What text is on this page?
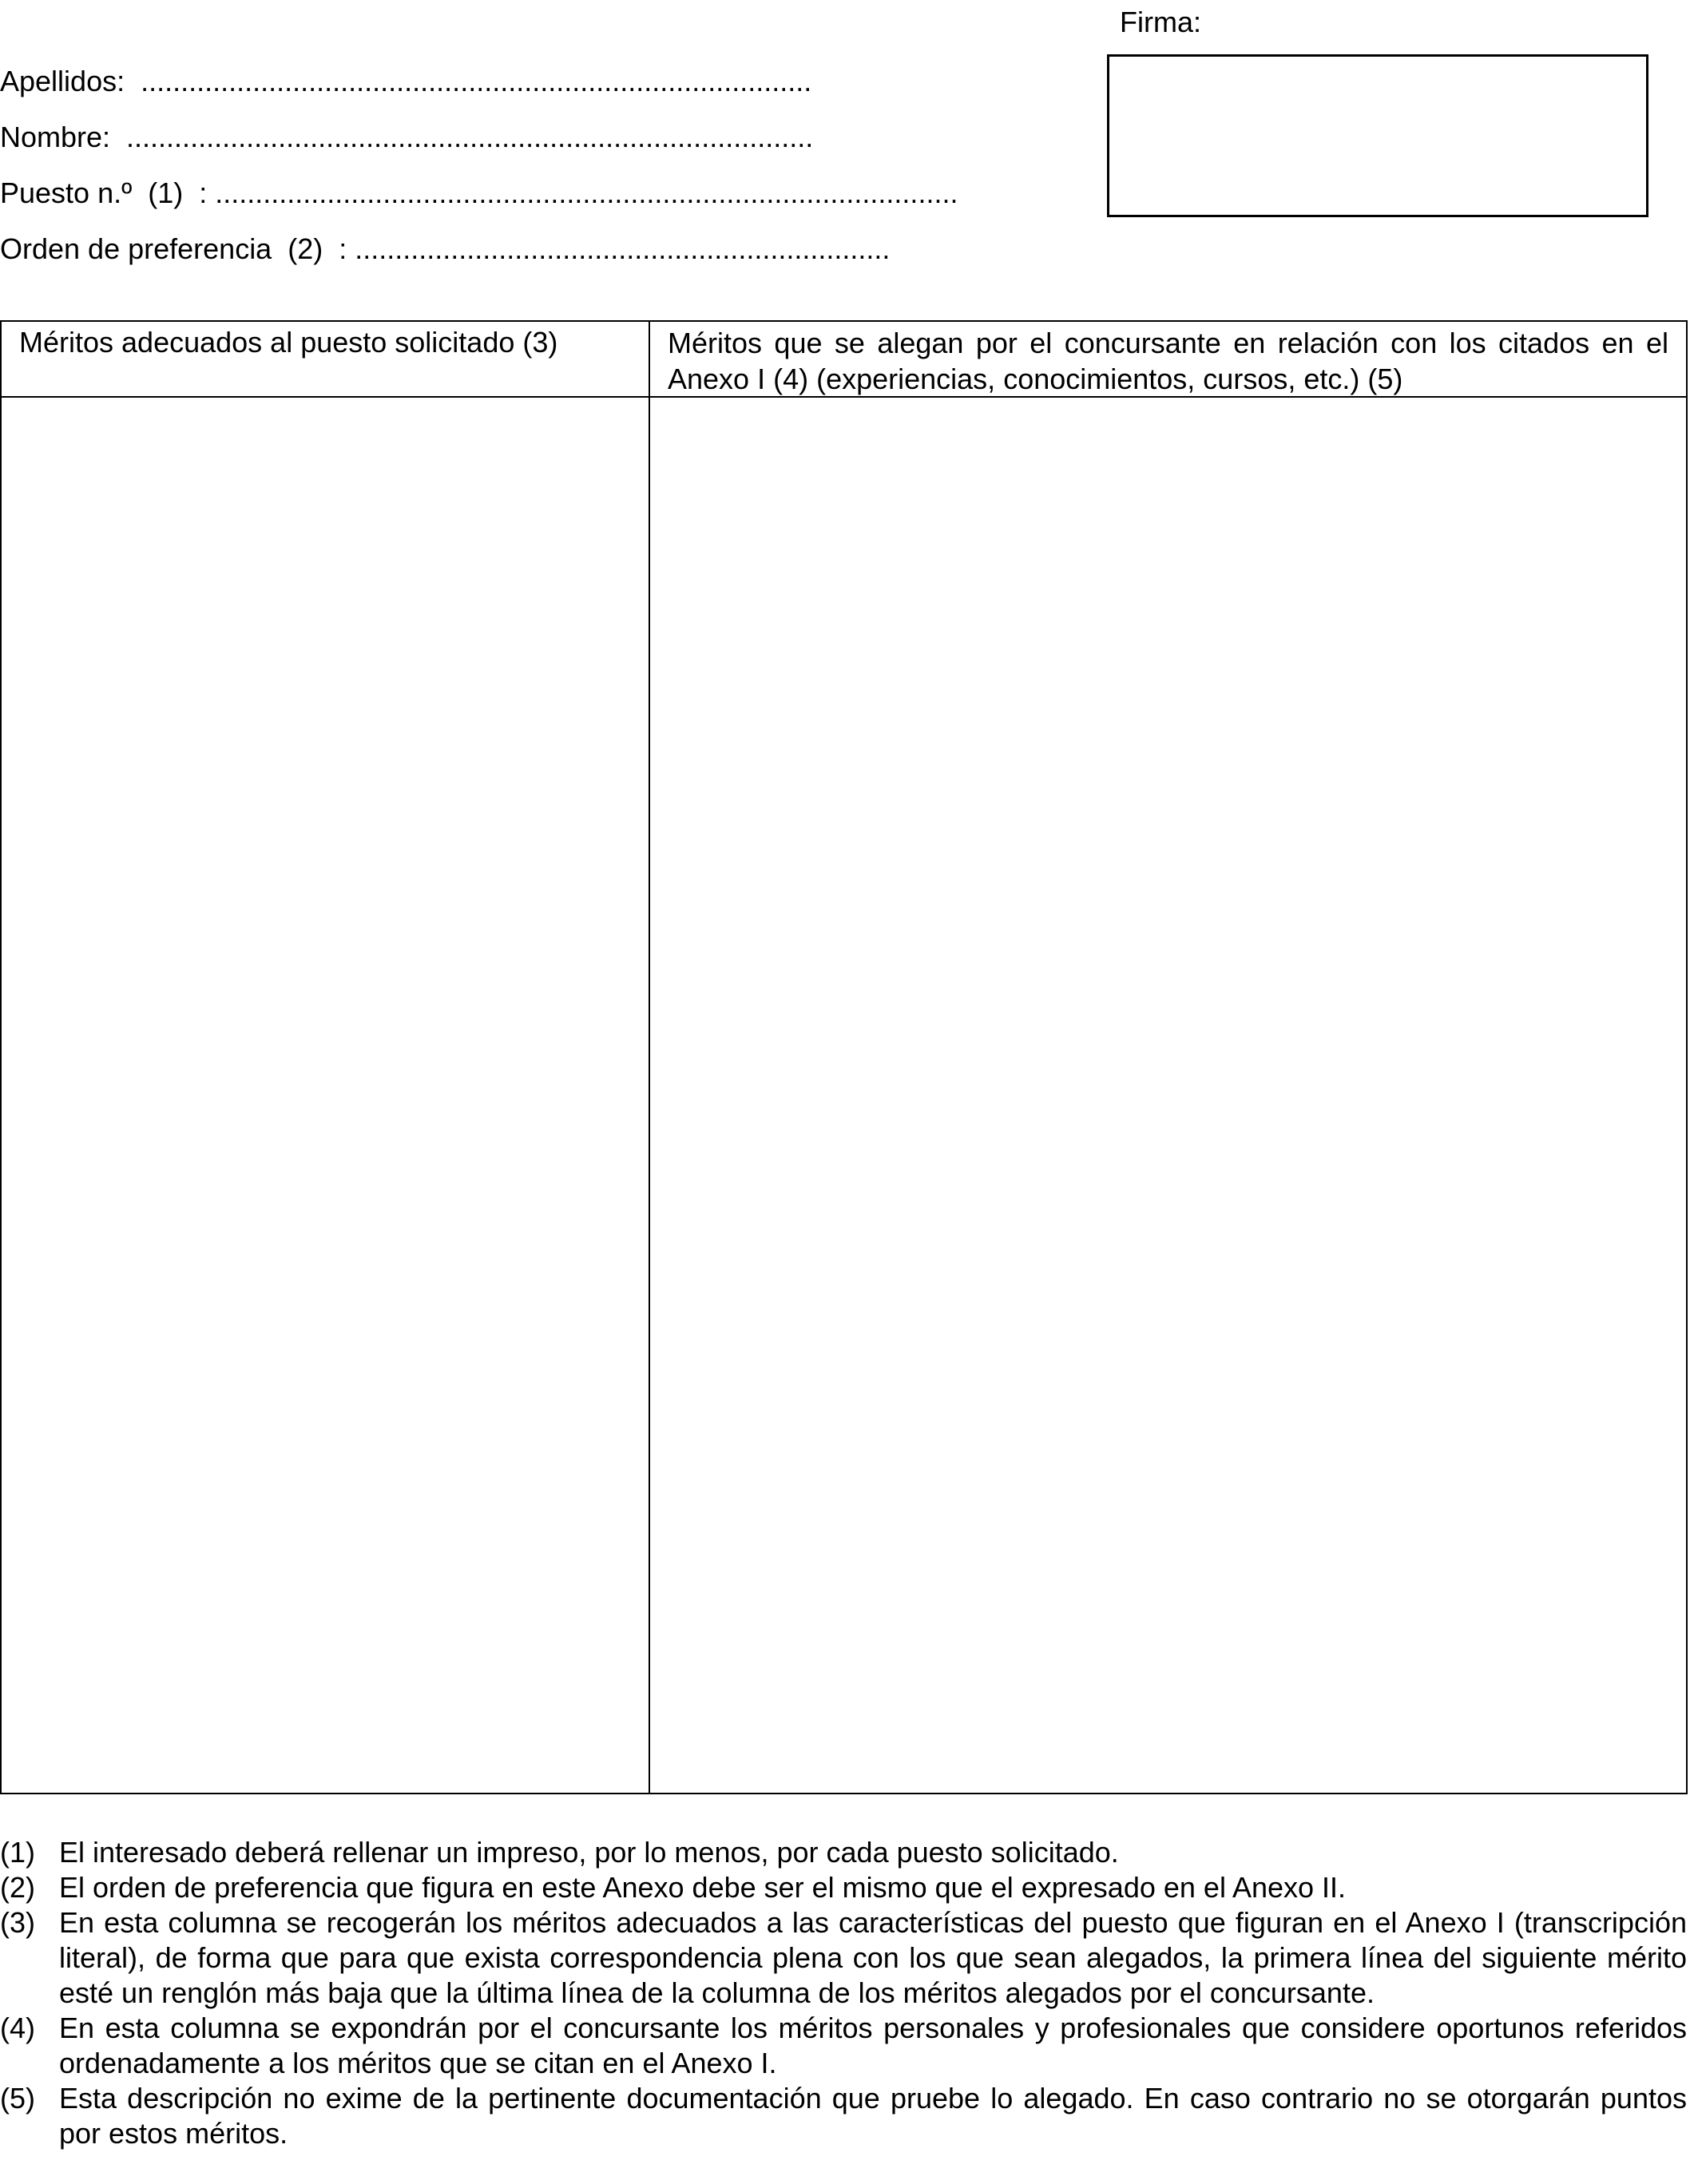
Apellidos:  ....................................................................................
Nombre:  ......................................................................................
Puesto n.º  (1)  : .............................................................................................
Orden de preferencia  (2)  : ...................................................................
Firma:
Méritos adecuados al puesto solicitado (3)	Méritos que se alegan por el concursante en relación con los citados en el Anexo I (4) (experiencias, conocimientos, cursos, etc.) (5)
(1) El interesado deberá rellenar un impreso, por lo menos, por cada puesto solicitado.
(2) El orden de preferencia que figura en este Anexo debe ser el mismo que el expresado en el Anexo II.
(3) En esta columna se recogerán los méritos adecuados a las características del puesto que figuran en el Anexo I (transcripción literal), de forma que para que exista correspondencia plena con los que sean alegados, la primera línea del siguiente mérito esté un renglón más baja que la última línea de la columna de los méritos alegados por el concursante.
(4) En esta columna se expondrán por el concursante los méritos personales y profesionales que considere oportunos referidos ordenadamente a los méritos que se citan en el Anexo I.
(5) Esta descripción no exime de la pertinente documentación que pruebe lo alegado. En caso contrario no se otorgarán puntos por estos méritos.
